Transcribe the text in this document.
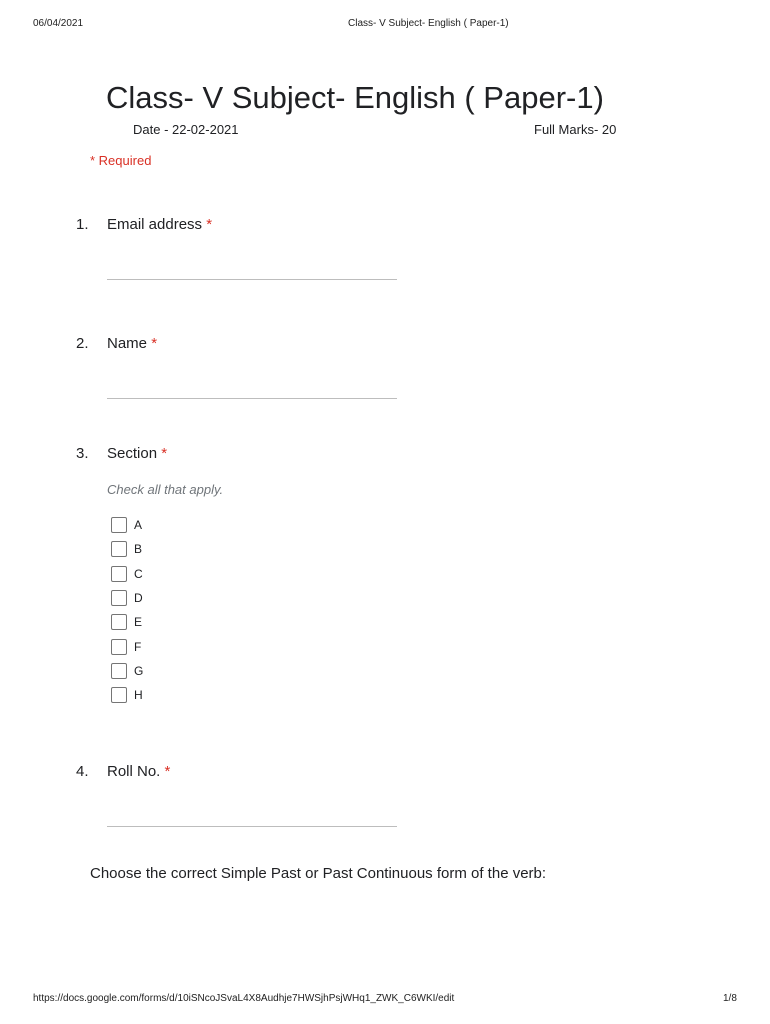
06/04/2021	Class- V Subject- English ( Paper-1)
Class- V Subject- English ( Paper-1)
Date - 22-02-2021	Full Marks- 20
* Required
1. Email address *
2. Name *
3. Section *
Check all that apply.
A
B
C
D
E
F
G
H
4. Roll No. *
Choose the correct Simple Past or Past Continuous form of the verb:
https://docs.google.com/forms/d/10iSNcoJSvaL4X8Audhje7HWSjhPsjWHq1_ZWK_C6WKI/edit	1/8
